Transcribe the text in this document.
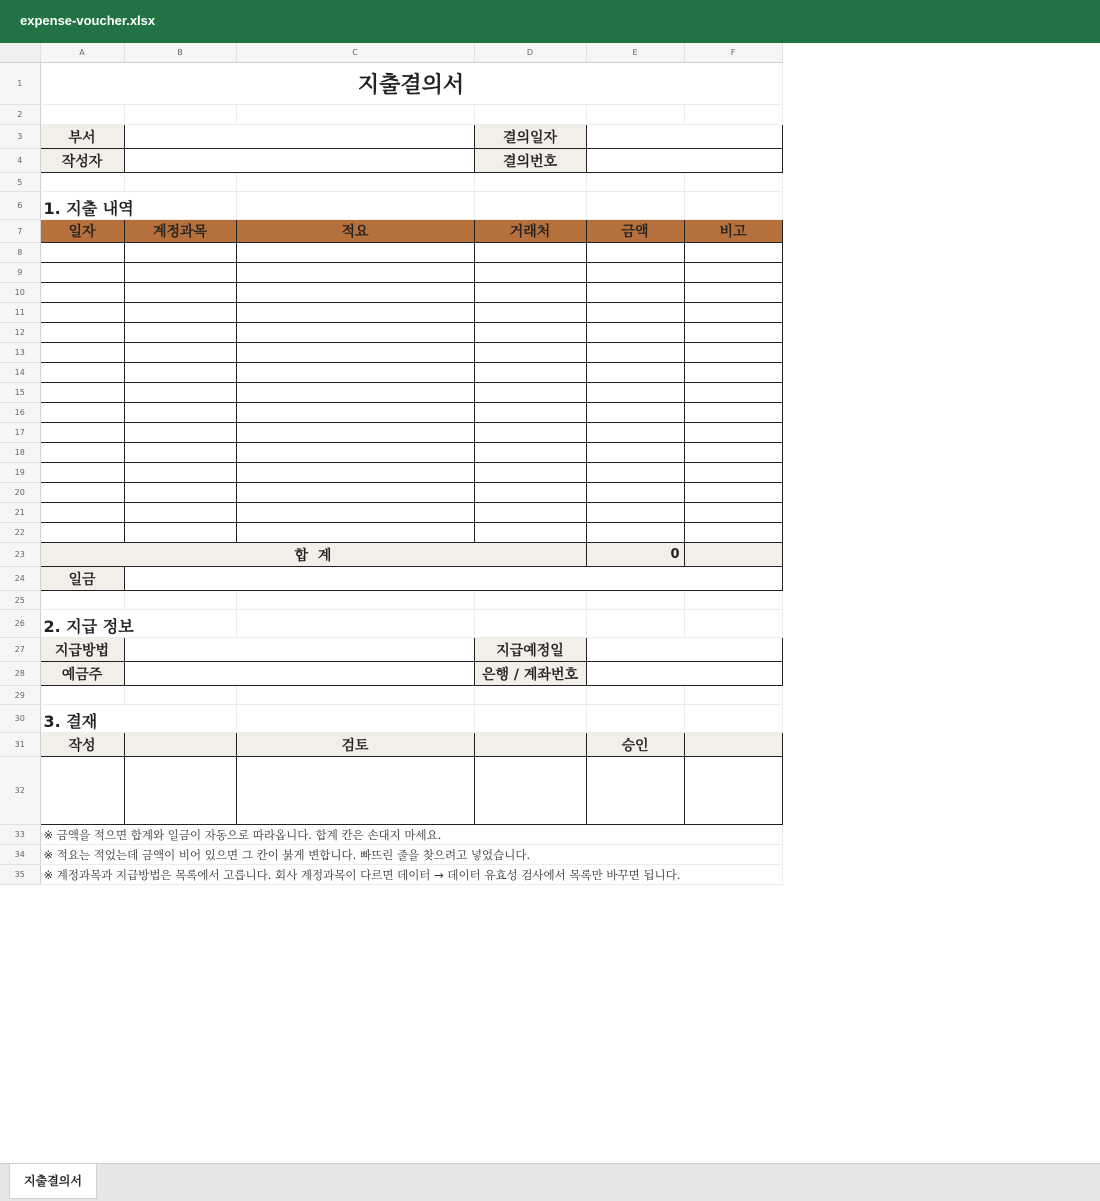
expense-voucher.xlsx
	A	B	C	D	E	F
1	지출결의서					
2						
3	부서			결의일자		
4	작성자			결의번호		
5						
6	1. 지출 내역					
7	일자	계정과목	적요	거래처	금액	비고
8						
9						
10						
11						
12						
13						
14						
15						
16						
17						
18						
19						
20						
21						
22						
23	합  계				0	
24	일금					
25						
26	2. 지급 정보					
27	지급방법			지급예정일		
28	예금주			은행 / 계좌번호		
29						
30	3. 결재					
31	작성		검토		승인	
32						
33	※ 금액을 적으면 합계와 일금이 자동으로 따라옵니다. 합계 칸은 손대지 마세요.					
34	※ 적요는 적었는데 금액이 비어 있으면 그 칸이 붉게 변합니다. 빠뜨린 줄을 찾으려고 넣었습니다.					
35	※ 계정과목과 지급방법은 목록에서 고릅니다. 회사 계정과목이 다르면 데이터 → 데이터 유효성 검사에서 목록만 바꾸면 됩니다.					
지출결의서
